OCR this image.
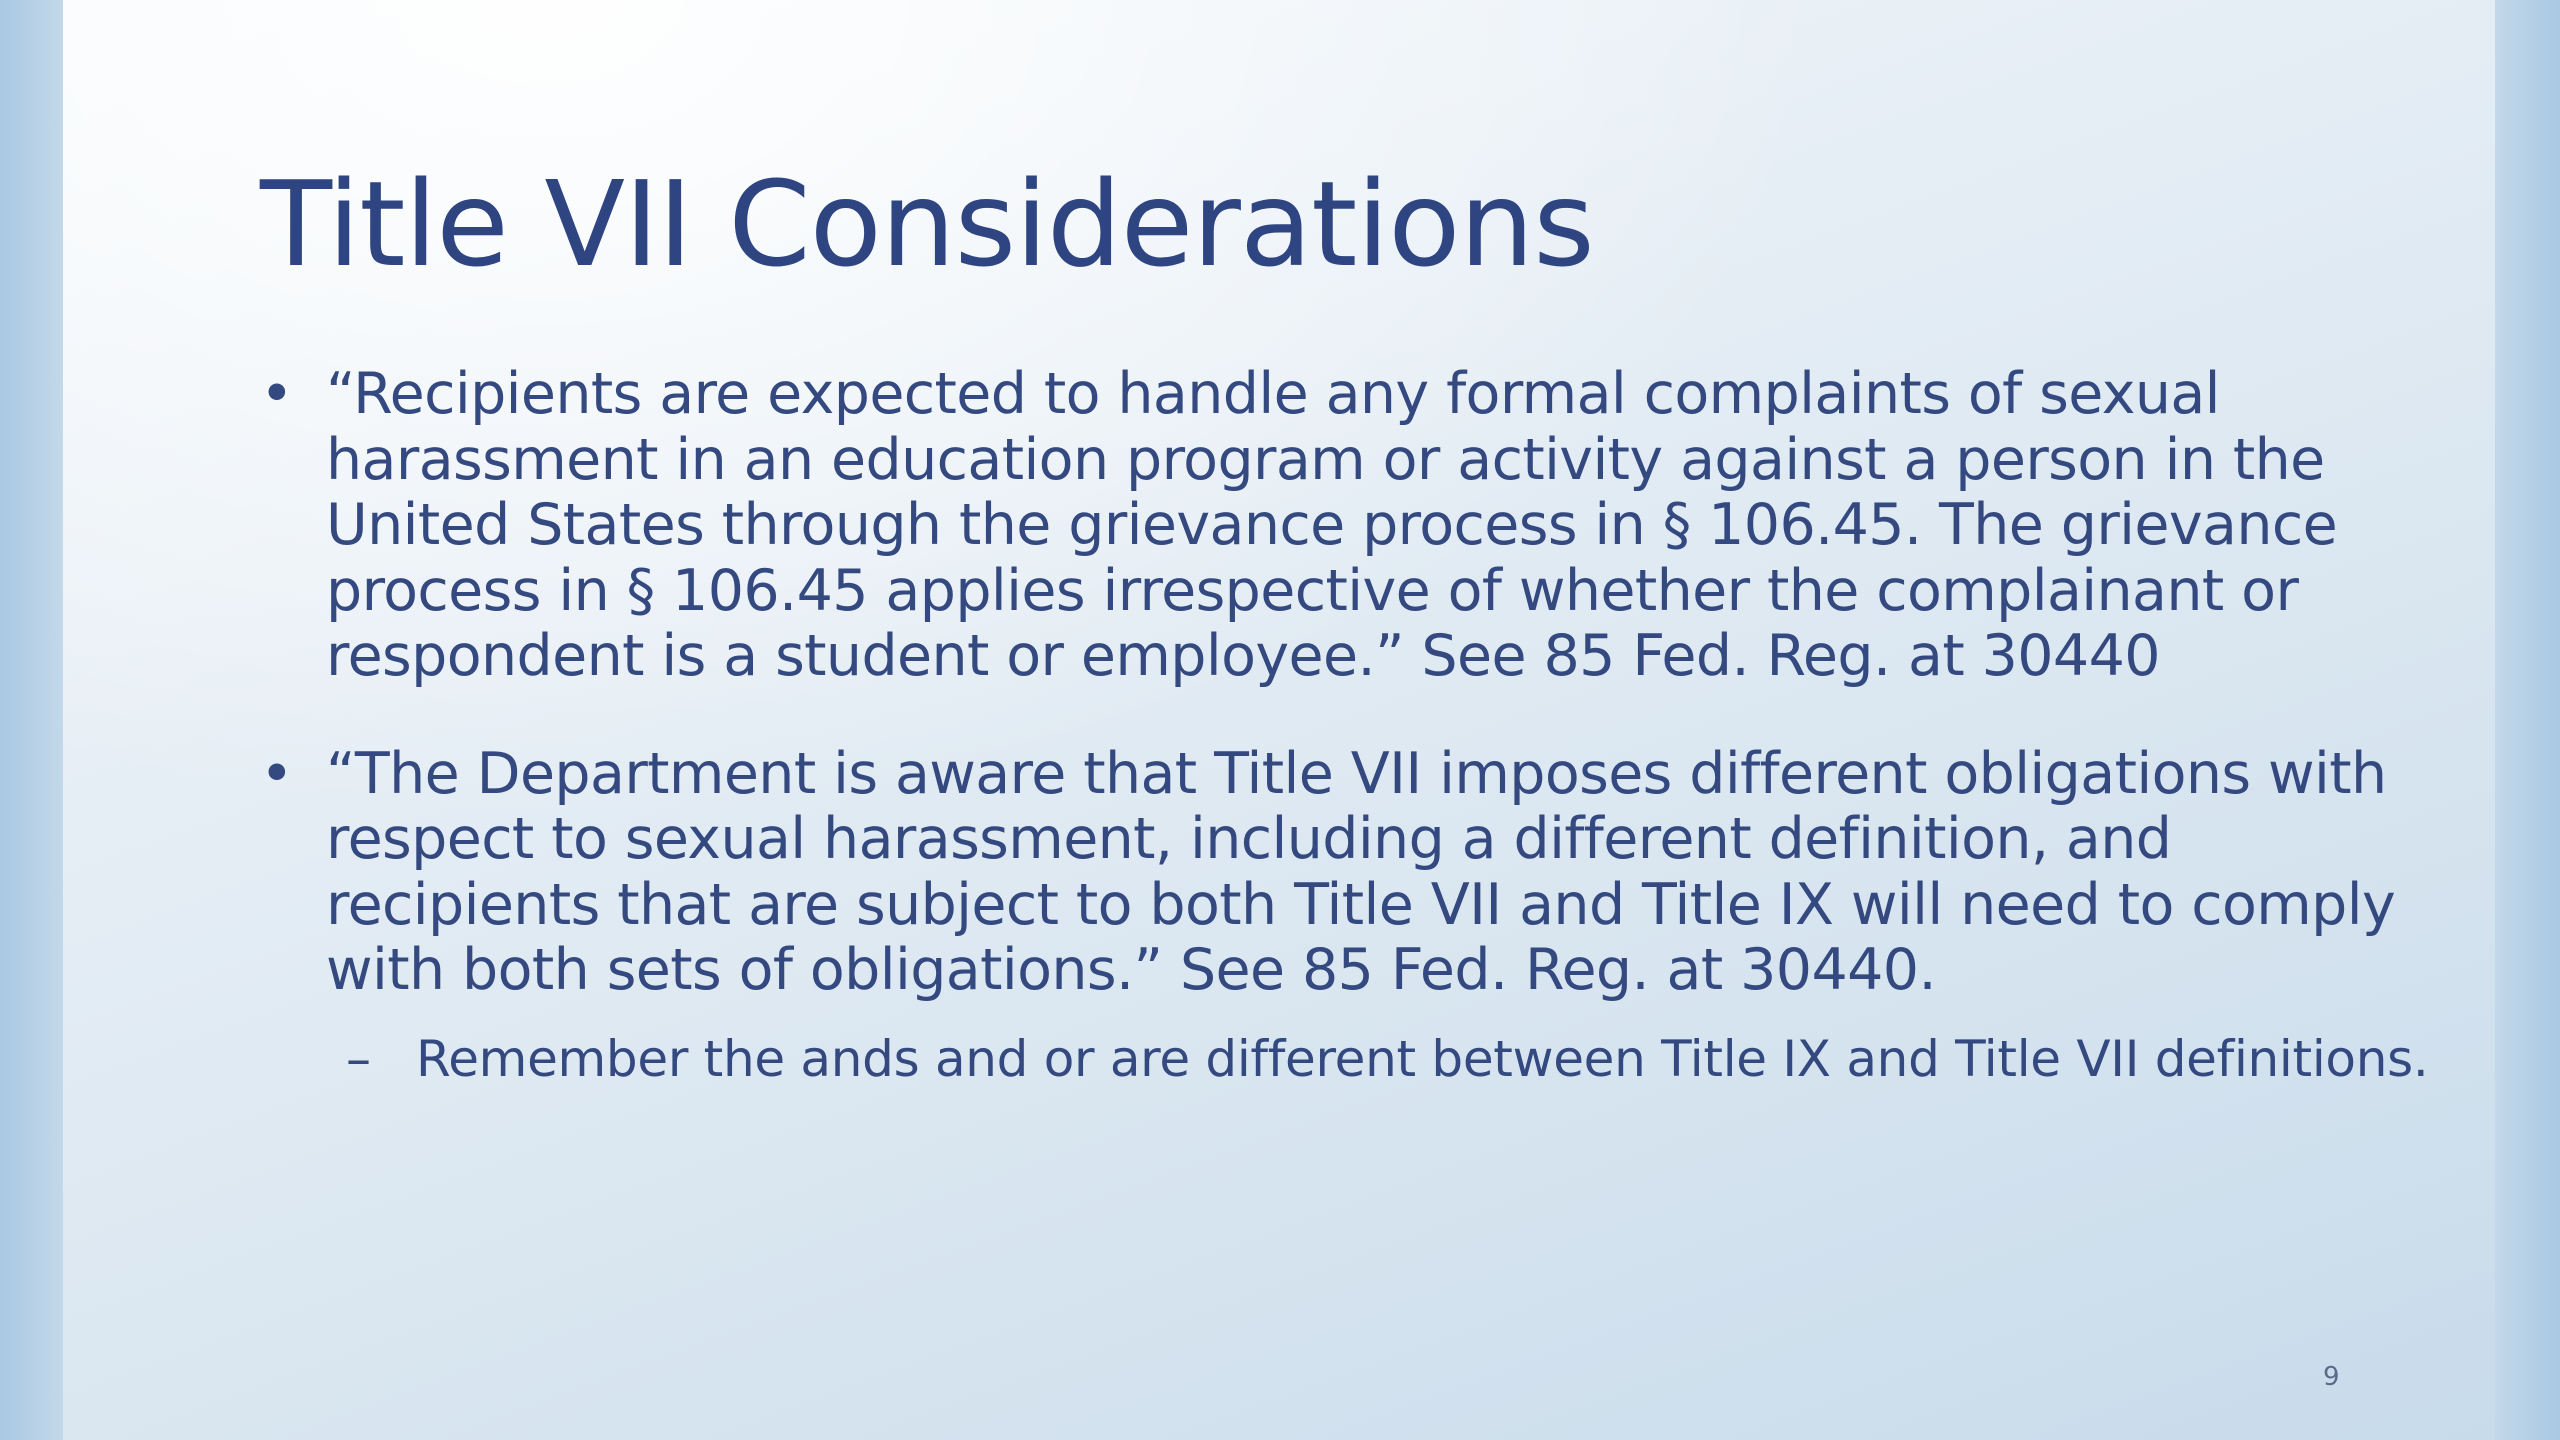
Title VII Considerations
• “Recipients are expected to handle any formal complaints of sexual harassment in an education program or activity against a person in the United States through the grievance process in § 106.45. The grievance process in § 106.45 applies irrespective of whether the complainant or respondent is a student or employee.” See 85 Fed. Reg. at 30440
• “The Department is aware that Title VII imposes different obligations with respect to sexual harassment, including a different definition, and recipients that are subject to both Title VII and Title IX will need to comply with both sets of obligations.” See 85 Fed. Reg. at 30440.
– Remember the ands and or are different between Title IX and Title VII definitions.
9
